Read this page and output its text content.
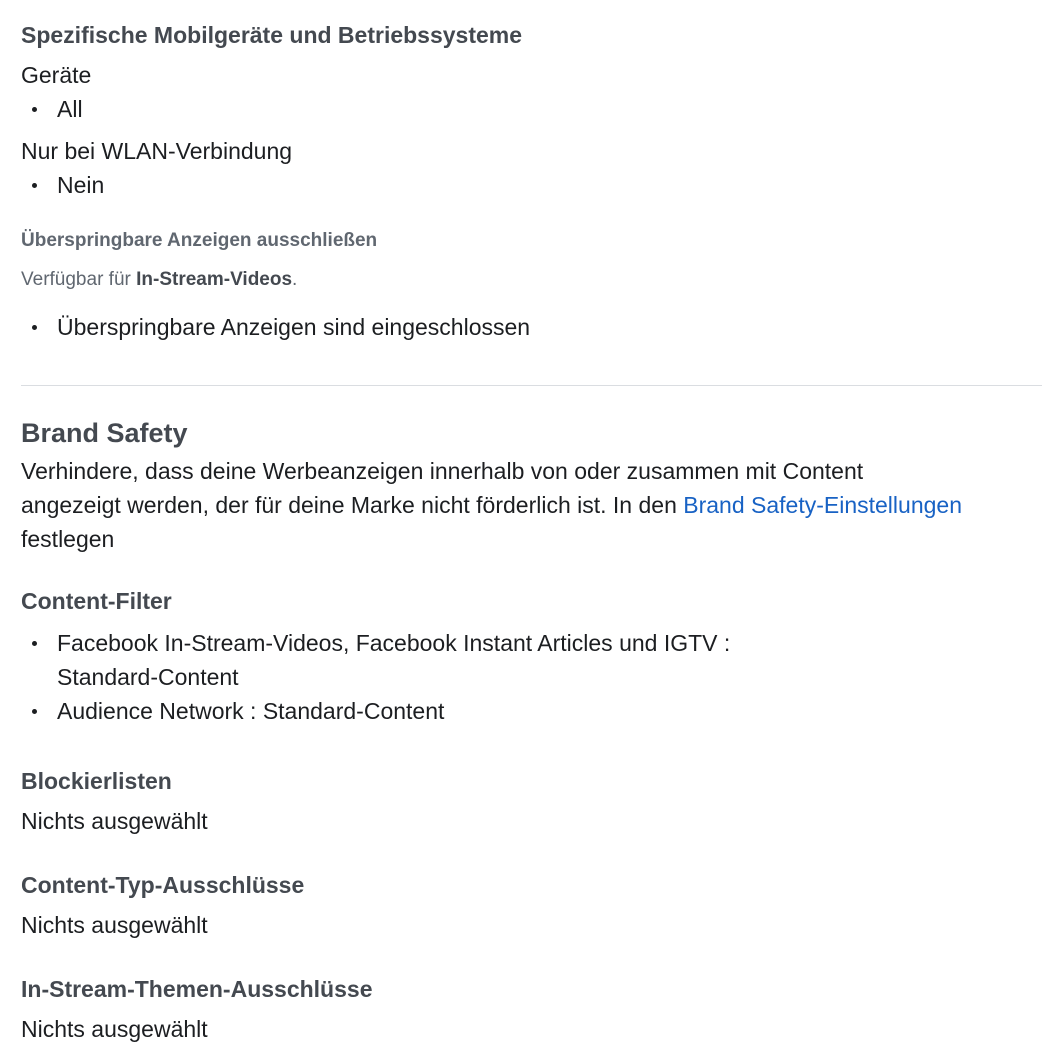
Spezifische Mobilgeräte und Betriebssysteme
Geräte
All
Nur bei WLAN-Verbindung
Nein
Überspringbare Anzeigen ausschließen
Verfügbar für In-Stream-Videos.
Überspringbare Anzeigen sind eingeschlossen
Brand Safety
Verhindere, dass deine Werbeanzeigen innerhalb von oder zusammen mit Content
angezeigt werden, der für deine Marke nicht förderlich ist. In den Brand Safety-Einstellungen
festlegen
Content-Filter
Facebook In-Stream-Videos, Facebook Instant Articles und IGTV :
Standard-Content
Audience Network : Standard-Content
Blockierlisten
Nichts ausgewählt
Content-Typ-Ausschlüsse
Nichts ausgewählt
In-Stream-Themen-Ausschlüsse
Nichts ausgewählt
